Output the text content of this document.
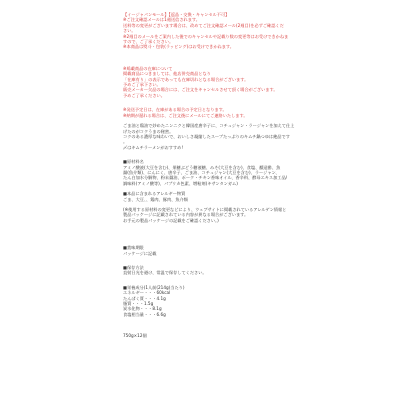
【イージャパンモール】【返品・交換・キャンセル不可】
※ご注文確認メールは1週送信されます。
送料等の変更がございます場合は、改めてご注文確認メール(2週目)を必ずご確認くだ
さい。
※2週目のメールをご案内した後でのキャンセルや記載り数の変更等はお受けできかねま
すので、ご了承ください。
※本商品は熨斗・包装(ラッピング)はお受けできかねます。
※鳩載商品の在庫について
掲載商品につきましては、他店併売商品となり
「在庫有り」の表示であっても在庫切れとなる場合がございます。
予めご了承下さい。
販売メーカー欠品の場合には、ご注文をキャンセルさせて頂く場合がございます。
予めご了承ください。
※発送予定日は、在庫がある場合の予定日となります。
※納期が遅れる場合は、ご注文後にメールにてご連絡いたします。
ごま油と鶏油で炒めたニンニクと韓国産唐辛子に、コチュジャン・ラージャンを加えて仕上
げたのがコクうまの秘密。
コクのある濃厚な味わいで、おいしさ凝縮したスープたっぷりのキムチ鍋つゆは絶品です
。
〆はキムチラーメンがおすすめ!
■原材料名
アミノ酸液(大豆を含む)、果糖ぶどう糖液糖、みそ(大豆を含む)、食塩、醸造酢、魚
醤(魚介類)、にんにく、唐辛子、ごま油、コチュジャン(大豆を含む)、ラージャン、
たん白加水分解物、粉末醤油、ポーク・チキン香味オイル、香辛料、酵母エキス加工品/
調味料(アミノ酸等)、パプリカ色素、増粘剤(キサンタンガム)
■本品に含まれるアレルギー物質
ごま、大豆、、鶏肉、豚肉、魚介類
(※使用する原材料の変更などにより、ウェブサイトに掲載されているアレルゲン情報と
製品パッケージに記載されている内容が異なる場合がございます。
お手元の製品パッケージの記載をご確認ください。)
■賞味期限
パッケージに記載
■保存方法
直射日光を避け、常温で保存してください。
■栄養成分(1人前(214g)当たり)
エネルギー・・・60kcal
たんぱく質・・・4.1g
脂質・・・1.5g
炭水化物・・・8.1g
食塩相当量・・・6.6g
750g×12個
